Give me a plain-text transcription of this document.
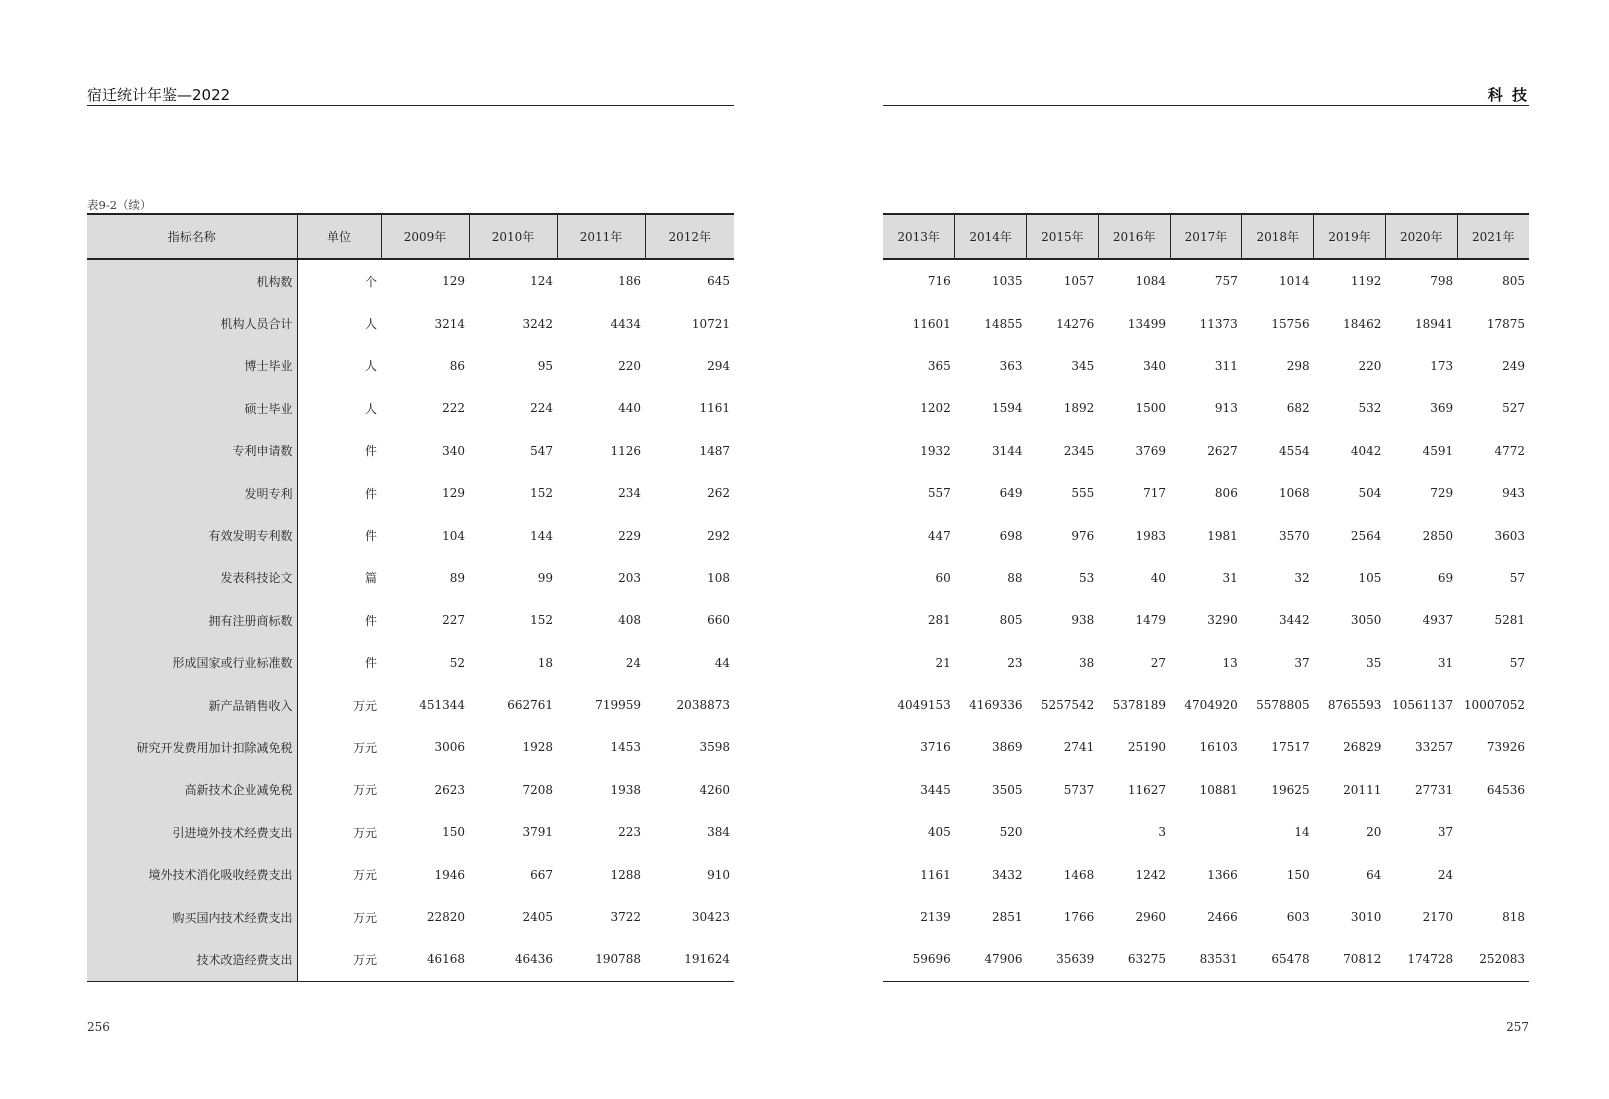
宿迁统计年鉴—2022	科 技
表9-2（续）
指标名称	单位	2009年	2010年	2011年	2012年
机构数	个	129	124	186	645
机构人员合计	人	3214	3242	4434	10721
博士毕业	人	86	95	220	294
硕士毕业	人	222	224	440	1161
专利申请数	件	340	547	1126	1487
发明专利	件	129	152	234	262
有效发明专利数	件	104	144	229	292
发表科技论文	篇	89	99	203	108
拥有注册商标数	件	227	152	408	660
形成国家或行业标准数	件	52	18	24	44
新产品销售收入	万元	451344	662761	719959	2038873
研究开发费用加计扣除减免税	万元	3006	1928	1453	3598
高新技术企业减免税	万元	2623	7208	1938	4260
引进境外技术经费支出	万元	150	3791	223	384
境外技术消化吸收经费支出	万元	1946	667	1288	910
购买国内技术经费支出	万元	22820	2405	3722	30423
技术改造经费支出	万元	46168	46436	190788	191624
2013年	2014年	2015年	2016年	2017年	2018年	2019年	2020年	2021年
716	1035	1057	1084	757	1014	1192	798	805
11601	14855	14276	13499	11373	15756	18462	18941	17875
365	363	345	340	311	298	220	173	249
1202	1594	1892	1500	913	682	532	369	527
1932	3144	2345	3769	2627	4554	4042	4591	4772
557	649	555	717	806	1068	504	729	943
447	698	976	1983	1981	3570	2564	2850	3603
60	88	53	40	31	32	105	69	57
281	805	938	1479	3290	3442	3050	4937	5281
21	23	38	27	13	37	35	31	57
4049153	4169336	5257542	5378189	4704920	5578805	8765593	10561137	10007052
3716	3869	2741	25190	16103	17517	26829	33257	73926
3445	3505	5737	11627	10881	19625	20111	27731	64536
405	520		3		14	20	37	
1161	3432	1468	1242	1366	150	64	24	
2139	2851	1766	2960	2466	603	3010	2170	818
59696	47906	35639	63275	83531	65478	70812	174728	252083
256	257
